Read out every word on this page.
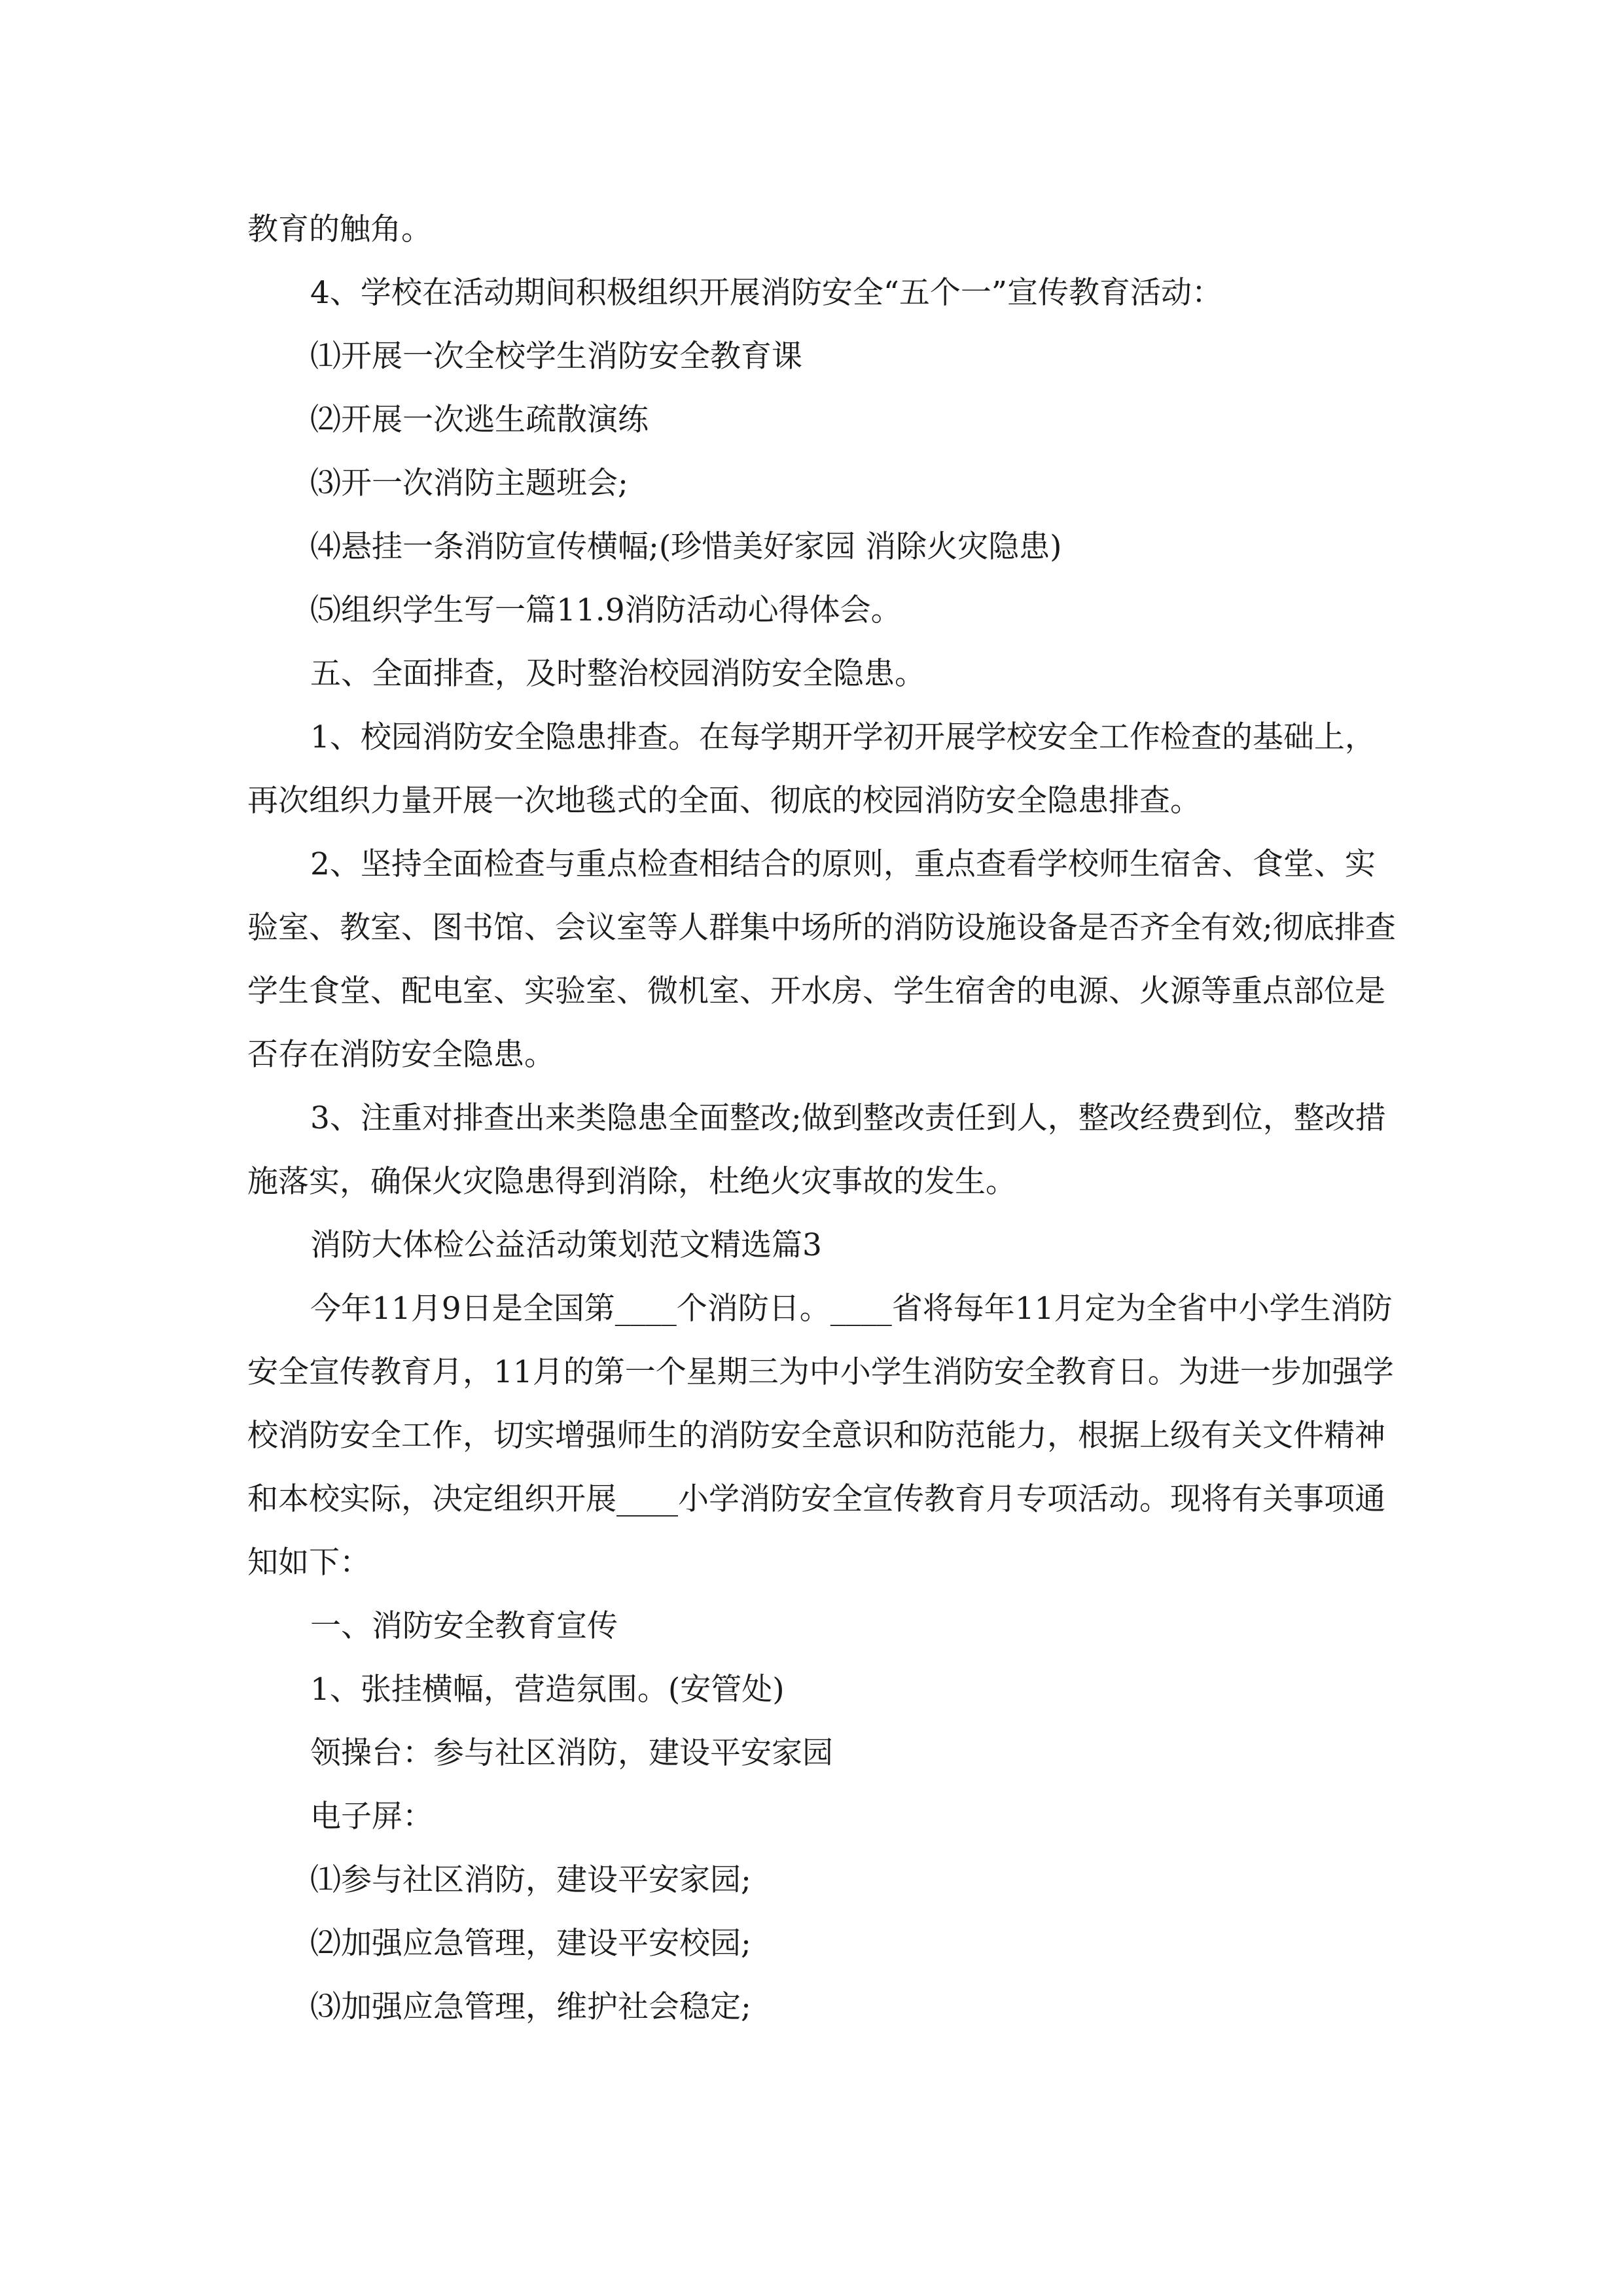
教育的触角。

4、学校在活动期间积极组织开展消防安全“五个一”宣传教育活动：

⑴开展一次全校学生消防安全教育课

⑵开展一次逃生疏散演练

⑶开一次消防主题班会;

⑷悬挂一条消防宣传横幅;(珍惜美好家园 消除火灾隐患)

⑸组织学生写一篇11.9消防活动心得体会。

五、全面排查，及时整治校园消防安全隐患。

1、校园消防安全隐患排查。在每学期开学初开展学校安全工作检查的基础上，再次组织力量开展一次地毯式的全面、彻底的校园消防安全隐患排查。

2、坚持全面检查与重点检查相结合的原则，重点查看学校师生宿舍、食堂、实验室、教室、图书馆、会议室等人群集中场所的消防设施设备是否齐全有效;彻底排查学生食堂、配电室、实验室、微机室、开水房、学生宿舍的电源、火源等重点部位是否存在消防安全隐患。

3、注重对排查出来类隐患全面整改;做到整改责任到人，整改经费到位，整改措施落实，确保火灾隐患得到消除，杜绝火灾事故的发生。

消防大体检公益活动策划范文精选篇3

今年11月9日是全国第____个消防日。____省将每年11月定为全省中小学生消防安全宣传教育月，11月的第一个星期三为中小学生消防安全教育日。为进一步加强学校消防安全工作，切实增强师生的消防安全意识和防范能力，根据上级有关文件精神和本校实际，决定组织开展____小学消防安全宣传教育月专项活动。现将有关事项通知如下：

一、消防安全教育宣传

1、张挂横幅，营造氛围。(安管处)

领操台：参与社区消防，建设平安家园

电子屏：

⑴参与社区消防，建设平安家园;

⑵加强应急管理，建设平安校园;

⑶加强应急管理，维护社会稳定;
